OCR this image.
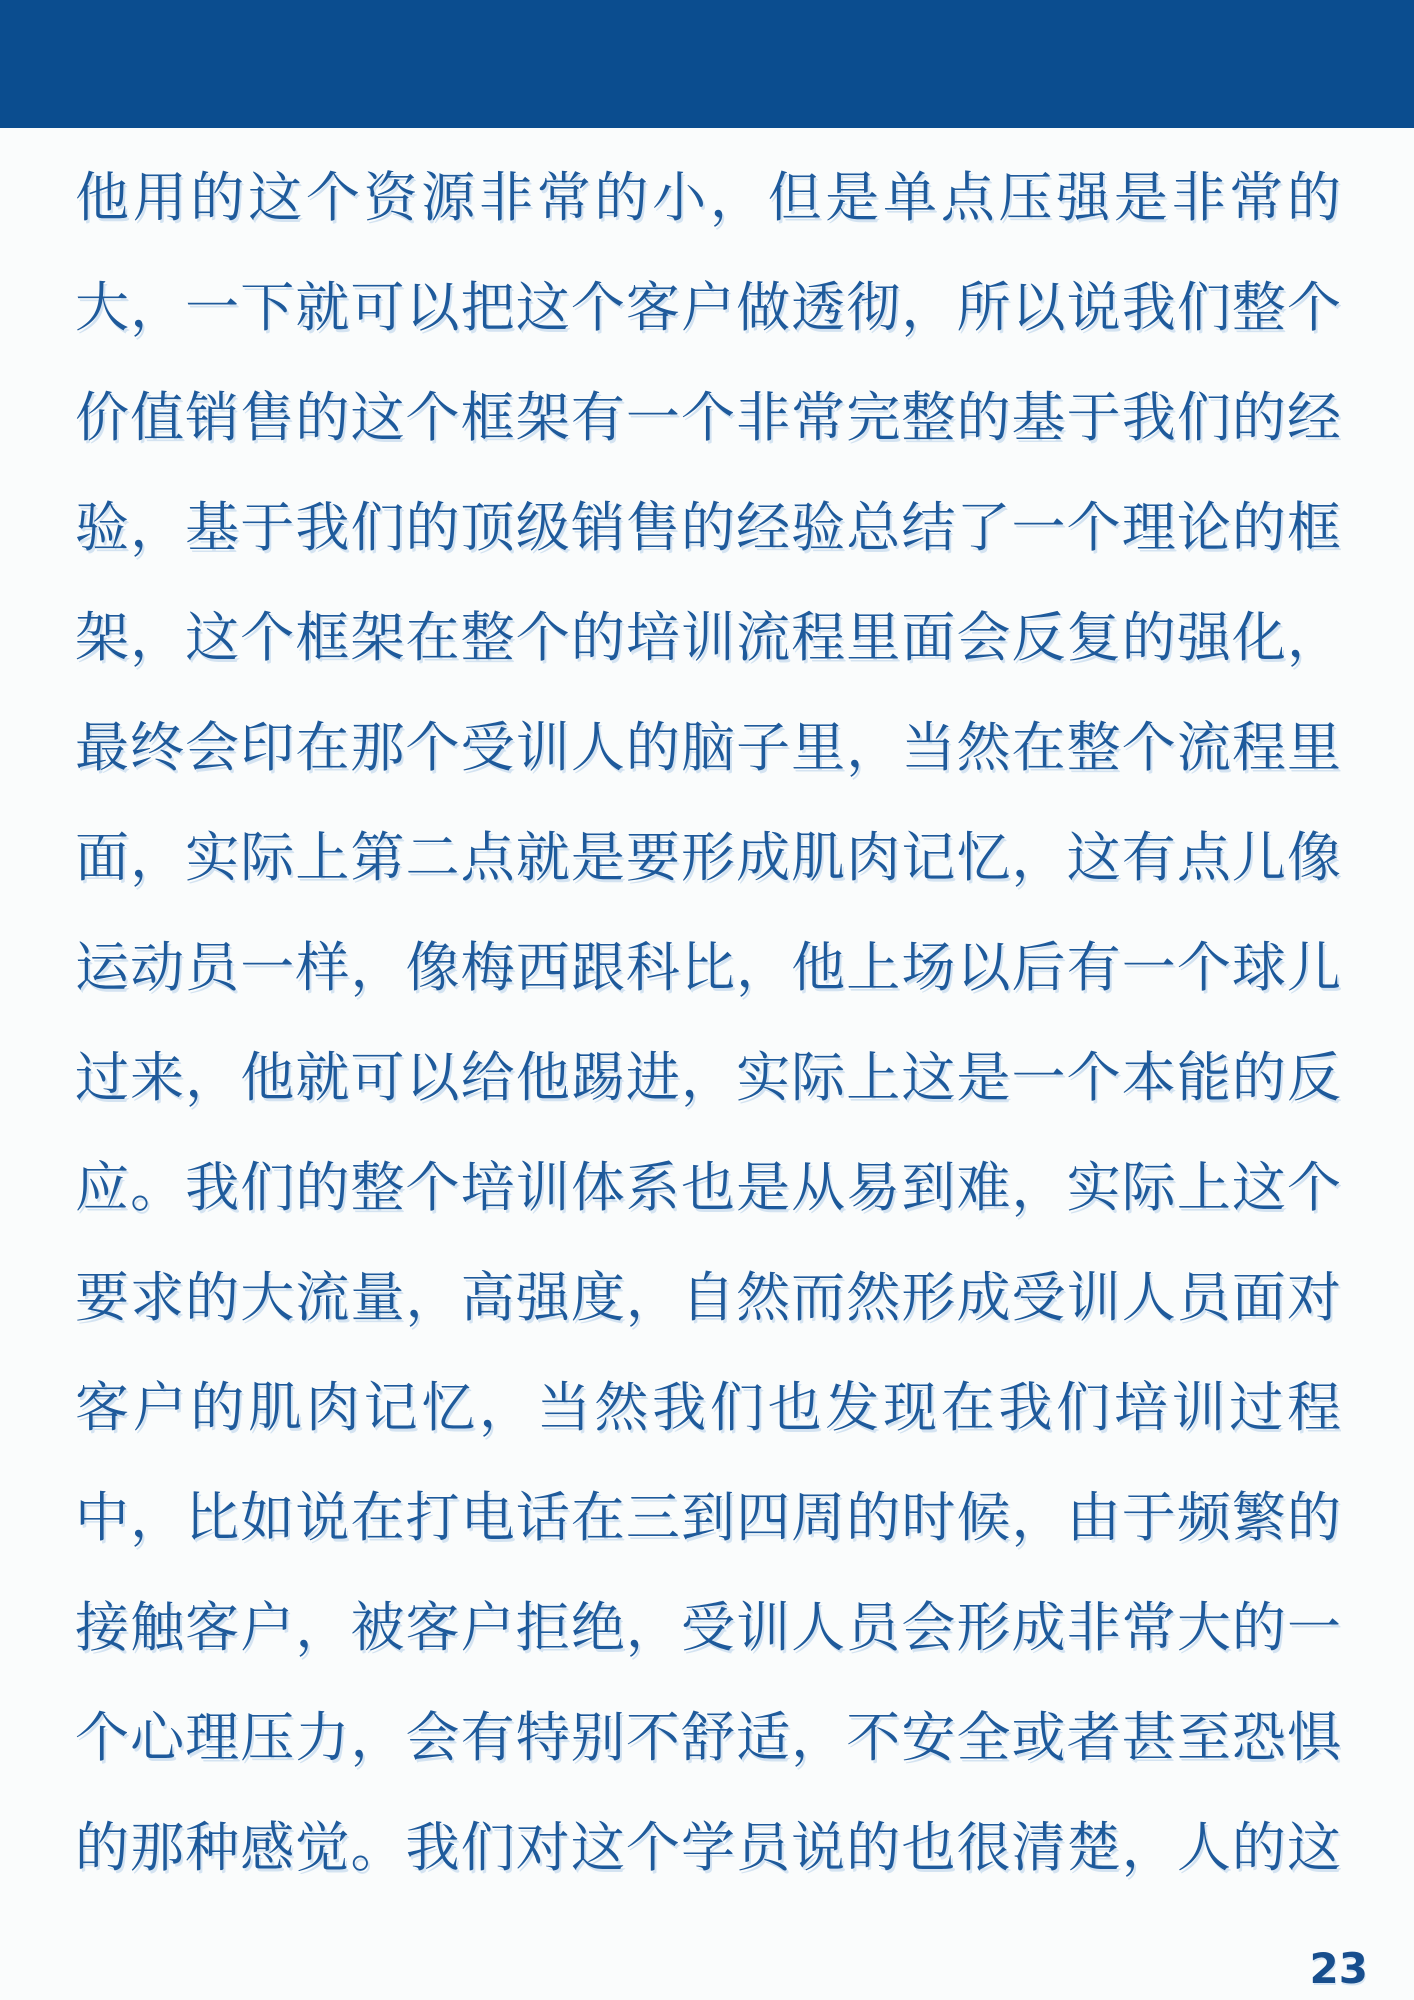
他用的这个资源非常的小，但是单点压强是非常的
大，一下就可以把这个客户做透彻，所以说我们整个
价值销售的这个框架有一个非常完整的基于我们的经
验，基于我们的顶级销售的经验总结了一个理论的框
架，这个框架在整个的培训流程里面会反复的强化，
最终会印在那个受训人的脑子里，当然在整个流程里
面，实际上第二点就是要形成肌肉记忆，这有点儿像
运动员一样，像梅西跟科比，他上场以后有一个球儿
过来，他就可以给他踢进，实际上这是一个本能的反
应。我们的整个培训体系也是从易到难，实际上这个
要求的大流量，高强度，自然而然形成受训人员面对
客户的肌肉记忆，当然我们也发现在我们培训过程
中，比如说在打电话在三到四周的时候，由于频繁的
接触客户，被客户拒绝，受训人员会形成非常大的一
个心理压力，会有特别不舒适，不安全或者甚至恐惧
的那种感觉。我们对这个学员说的也很清楚，人的这
23
